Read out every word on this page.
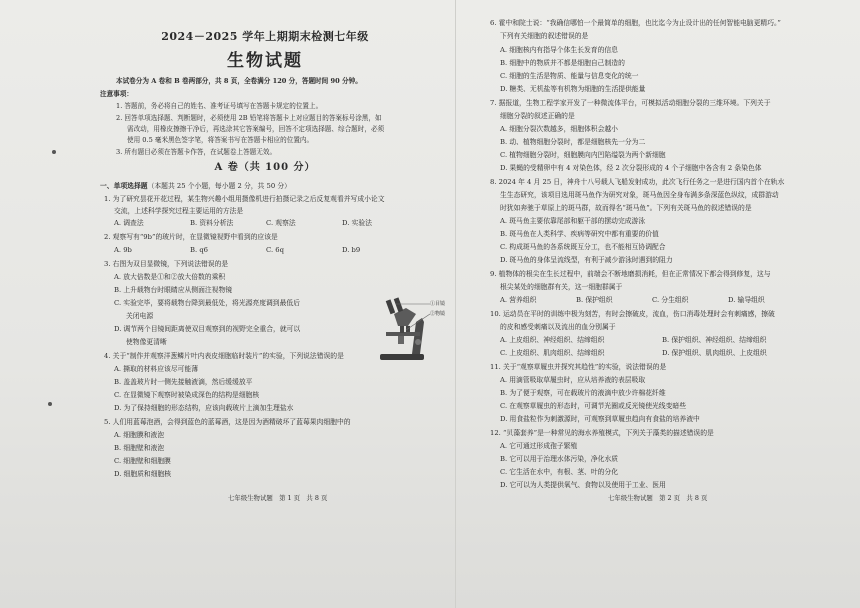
2024－2025 学年上期期末检测七年级
生物试题
本试卷分为 A 卷和 B 卷两部分，共 8 页，全卷满分 120 分，答题时间 90 分钟。
注意事项：
1. 答题前，务必将自己的姓名、准考证号填写在答题卡规定的位置上。
2. 回答单项选择题、判断题时，必须使用 2B 铅笔将答题卡上对应题目的答案标号涂黑，如
需改动，用橡皮擦擦干净后，再选涂其它答案编号，回答不定项选择题、综合题时，必须
使用 0.5 毫米黑色签字笔，将答案书写在答题卡相应的位置内。
3. 所有题目必须在答题卡作答，在试题卷上答题无效。
A 卷（共 100 分）
一、单项选择题（本题共 25 个小题，每小题 2 分，共 50 分）
1. 为了研究昙花开花过程，某生物兴趣小组用摄像机进行拍摄记录之后反复观看并写成小论文
交流，上述科学探究过程主要运用的方法是
A. 调查法	B. 资料分析法	C. 观察法	D. 实验法
2. 观察写有“9b”的玻片时，在显微镜视野中看到的应该是
A. 9b	B. q6	C. 6q	D. b9
3. 右图为双目显微镜，下列说法错误的是
A. 放大倍数是①和②放大倍数的乘积
B. 上升载物台时眼睛应从侧面注视物镜
C. 实验完毕，要将载物台降到最低处，将光源亮度调到最低后
关闭电源
D. 调节两个目镜间距离使双目观察到的视野完全重合，就可以
使物像更清晰
①目镜
②物镜
4. 关于“制作并观察洋葱鳞片叶内表皮细胞临时装片”的实验，下列说法错误的是
A. 撕取的材料应该尽可能薄
B. 盖盖玻片时一侧先接触液滴，然后缓缓放平
C. 在显微镜下观察时被染成深色的结构是细胞核
D. 为了保持细胞的形态结构，应该向载玻片上滴加生理盐水
5. 人们用蓝莓泡酒，会得到蓝色的蓝莓酒，这是因为酒精破坏了蓝莓果肉细胞中的
A. 细胞膜和液泡
B. 细胞壁和液泡
C. 细胞壁和细胞膜
D. 细胞质和细胞核
七年级生物试题　第 1 页　共 8 页
6. 霍中和院士说：“我确信哪怕一个最简单的细胞，也比迄今为止设计出的任何智能电脑更精巧。”
下列有关细胞的叙述错误的是
A. 细胞核内有指导个体生长发育的信息
B. 细胞中的物质并不都是细胞自己制造的
C. 细胞的生活是物质、能量与信息变化的统一
D. 糖类、无机盐等有机物为细胞的生活提供能量
7. 据报道，生物工程学家开发了一种微流体平台，可模拟活动细胞分裂的三维环境。下列关于
细胞分裂的叙述正确的是
A. 细胞分裂次数越多，细胞体积会越小
B. 动、植物细胞分裂时，都是细胞核先一分为二
C. 植物细胞分裂时，细胞膜向内凹陷缢裂为两个新细胞
D. 果蝇的受精卵中有 4 对染色体，经 2 次分裂形成的 4 个子细胞中各含有 2 条染色体
8. 2024 年 4 月 25 日，神舟十八号载人飞船发射成功，此次飞行任务之一是进行国内首个在轨水
生生态研究，该项目选用斑马鱼作为研究对象，斑马鱼因全身布满多条深蓝色纵纹，成群游动
时犹如奔驰于草原上的斑马群，故而得名“斑马鱼”。下列有关斑马鱼的叙述错误的是
A. 斑马鱼主要依靠尾部和躯干部的摆动完成游泳
B. 斑马鱼在人类科学、疾病等研究中都有重要的价值
C. 构成斑马鱼的各系统既互分工，也不能相互协调配合
D. 斑马鱼的身体呈流线型，有利于减少游泳时遇到的阻力
9. 植物体的根尖在生长过程中，前端会不断地磨损消耗，但在正常情况下都会得到修复，这与
根尖某处的细胞群有关，这一细胞群属于
A. 营养组织	B. 保护组织	C. 分生组织	D. 输导组织
10. 运动员在平时的训练中极为刻苦，有时会擦破皮，流血，伤口消毒处理时会有刺痛感，擦破
的皮和感受刺痛以及流出的血分别属于
A. 上皮组织、神经组织、结缔组织	B. 保护组织、神经组织、结缔组织
C. 上皮组织、肌肉组织、结缔组织	D. 保护组织、肌肉组织、上皮组织
11. 关于“观察草履虫并探究其趋性”的实验，说法错误的是
A. 用滴管吸取草履虫时，应从培养液的表层吸取
B. 为了便于观察，可在载玻片的液滴中放少许棉花纤维
C. 在观察草履虫的形态时，可调节光圈或反光镜使光线变暗些
D. 用食盐粒作为刺激源时，可观察到草履虫趋向有食盐的培养液中
12. “贝藻套养”是一种常见的海水养殖模式，下列关于藻类的描述错误的是
A. 它可通过形成孢子繁殖
B. 它可以用于治理水体污染，净化水质
C. 它生活在水中，有根、茎、叶的分化
D. 它可以为人类提供氧气、食物以及使用于工业、医用
七年级生物试题　第 2 页　共 8 页
